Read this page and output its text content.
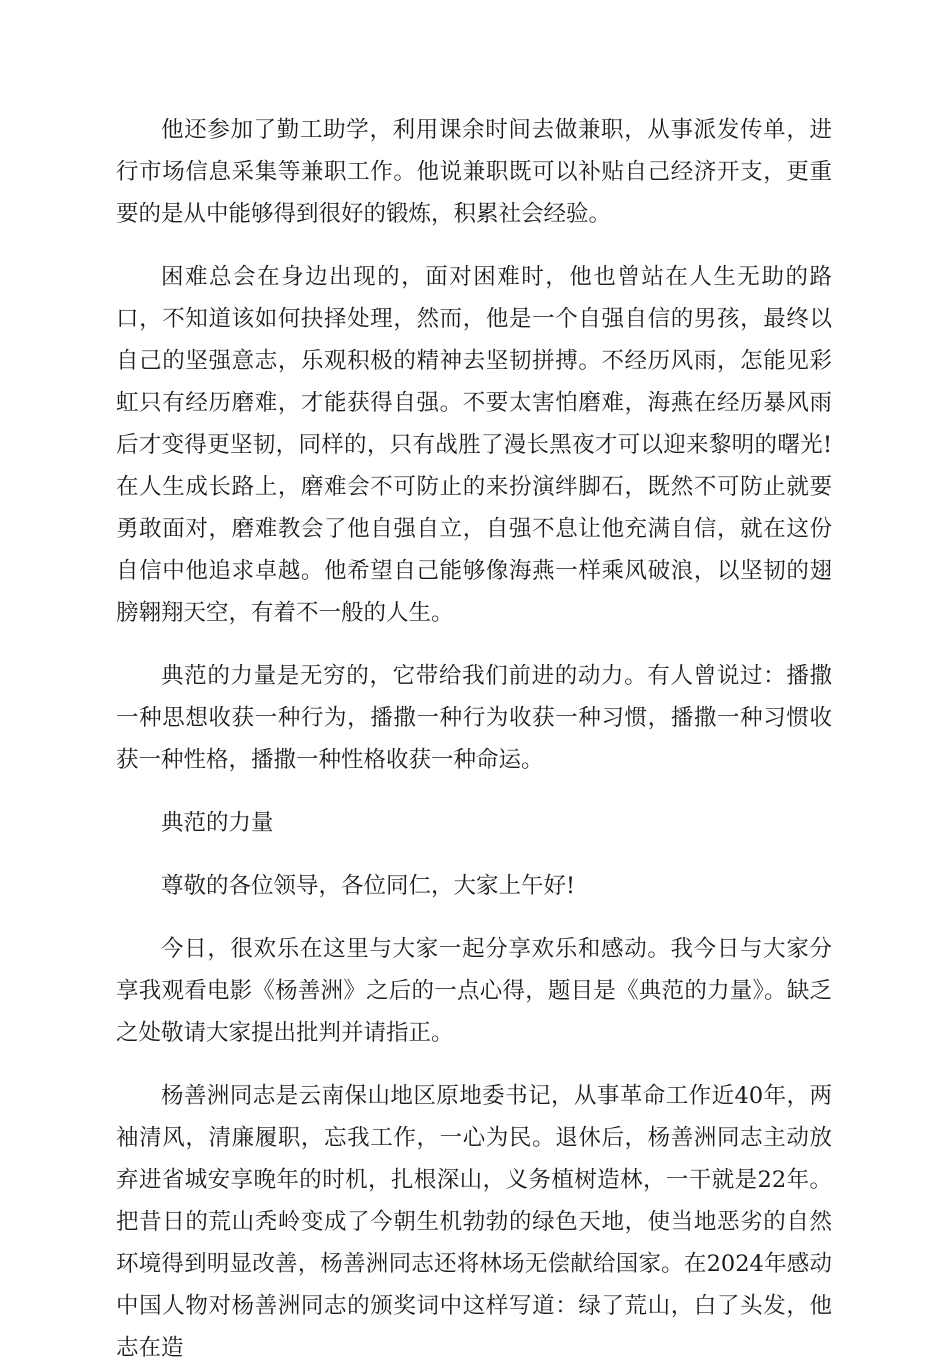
他还参加了勤工助学，利用课余时间去做兼职，从事派发传单，进行市场信息采集等兼职工作。他说兼职既可以补贴自己经济开支，更重要的是从中能够得到很好的锻炼，积累社会经验。

困难总会在身边出现的，面对困难时，他也曾站在人生无助的路口，不知道该如何抉择处理，然而，他是一个自强自信的男孩，最终以自己的坚强意志，乐观积极的精神去坚韧拼搏。不经历风雨，怎能见彩虹只有经历磨难，才能获得自强。不要太害怕磨难，海燕在经历暴风雨后才变得更坚韧，同样的，只有战胜了漫长黑夜才可以迎来黎明的曙光!在人生成长路上，磨难会不可防止的来扮演绊脚石，既然不可防止就要勇敢面对，磨难教会了他自强自立，自强不息让他充满自信，就在这份自信中他追求卓越。他希望自己能够像海燕一样乘风破浪，以坚韧的翅膀翱翔天空，有着不一般的人生。

典范的力量是无穷的，它带给我们前进的动力。有人曾说过：播撒一种思想收获一种行为，播撒一种行为收获一种习惯，播撒一种习惯收获一种性格，播撒一种性格收获一种命运。

典范的力量

尊敬的各位领导，各位同仁，大家上午好!

今日，很欢乐在这里与大家一起分享欢乐和感动。我今日与大家分享我观看电影《杨善洲》之后的一点心得，题目是《典范的力量》。缺乏之处敬请大家提出批判并请指正。

杨善洲同志是云南保山地区原地委书记，从事革命工作近40年，两袖清风，清廉履职，忘我工作，一心为民。退休后，杨善洲同志主动放弃进省城安享晚年的时机，扎根深山，义务植树造林，一干就是22年。把昔日的荒山秃岭变成了今朝生机勃勃的绿色天地，使当地恶劣的自然环境得到明显改善，杨善洲同志还将林场无偿献给国家。在2024年感动中国人物对杨善洲同志的颁奖词中这样写道：绿了荒山，白了头发，他志在造
